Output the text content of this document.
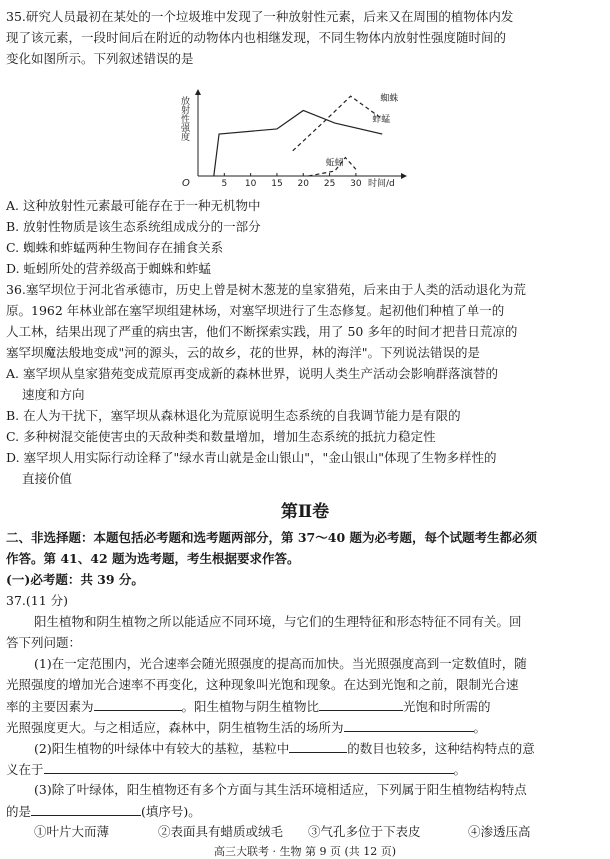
35.研究人员最初在某处的一个垃圾堆中发现了一种放射性元素，后来又在周围的植物体内发
现了该元素，一段时间后在附近的动物体内也相继发现，不同生物体内放射性强度随时间的
变化如图所示。下列叙述错误的是
蚱蜢
蜘蛛
蚯蚓
5 10 15 20 25 30
放射性强度
O	时间/d
A. 这种放射性元素最可能存在于一种无机物中
B. 放射性物质是该生态系统组成成分的一部分
C. 蜘蛛和蚱蜢两种生物间存在捕食关系
D. 蚯蚓所处的营养级高于蜘蛛和蚱蜢
36.塞罕坝位于河北省承德市，历史上曾是树木葱茏的皇家猎苑，后来由于人类的活动退化为荒
原。1962 年林业部在塞罕坝组建林场，对塞罕坝进行了生态修复。起初他们种植了单一的
人工林，结果出现了严重的病虫害，他们不断探索实践，用了 50 多年的时间才把昔日荒凉的
塞罕坝魔法般地变成"河的源头，云的故乡，花的世界，林的海洋"。下列说法错误的是
A. 塞罕坝从皇家猎苑变成荒原再变成新的森林世界，说明人类生产活动会影响群落演替的
速度和方向
B. 在人为干扰下，塞罕坝从森林退化为荒原说明生态系统的自我调节能力是有限的
C. 多种树混交能使害虫的天敌种类和数量增加，增加生态系统的抵抗力稳定性
D. 塞罕坝人用实际行动诠释了"绿水青山就是金山银山"，"金山银山"体现了生物多样性的
直接价值
第Ⅱ卷
二、非选择题：本题包括必考题和选考题两部分，第 37～40 题为必考题，每个试题考生都必须
作答。第 41、42 题为选考题，考生根据要求作答。
(一)必考题：共 39 分。
37.(11 分)
阳生植物和阴生植物之所以能适应不同环境，与它们的生理特征和形态特征不同有关。回
答下列问题：
(1)在一定范围内，光合速率会随光照强度的提高而加快。当光照强度高到一定数值时，随
光照强度的增加光合速率不再变化，这种现象叫光饱和现象。在达到光饱和之前，限制光合速
率的主要因素为	。阳生植物与阴生植物比	光饱和时所需的
光照强度更大。与之相适应，森林中，阴生植物生活的场所为	。
(2)阳生植物的叶绿体中有较大的基粒，基粒中	的数目也较多，这种结构特点的意
义在于	。
(3)除了叶绿体，阳生植物还有多个方面与其生活环境相适应，下列属于阳生植物结构特点
的是	(填序号)。
①叶片大而薄	②表面具有蜡质或绒毛 ③气孔多位于下表皮	④渗透压高
高三大联考 · 生物 第 9 页 (共 12 页)
